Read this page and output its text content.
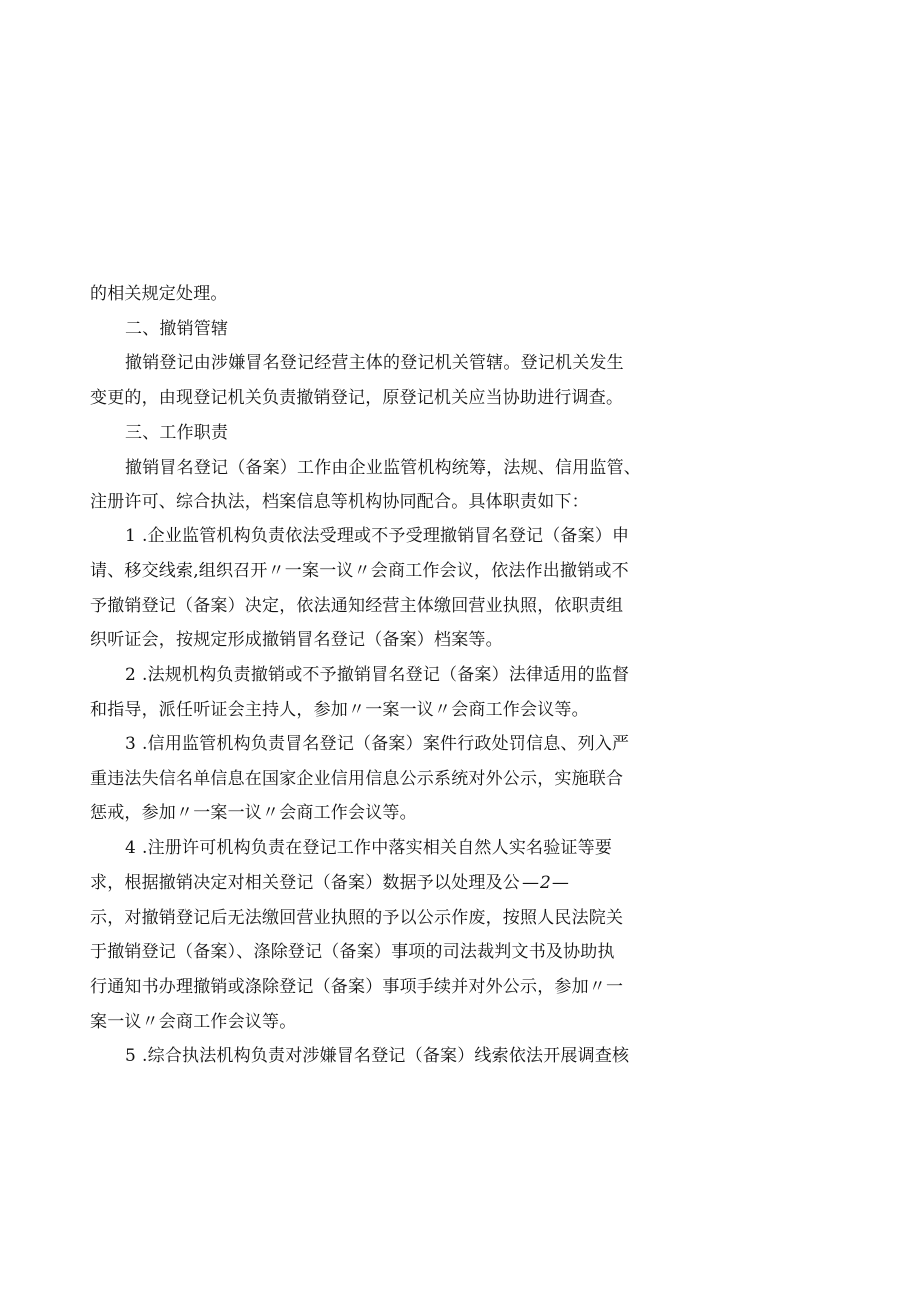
的相关规定处理。
二、撤销管辖
撤销登记由涉嫌冒名登记经营主体的登记机关管辖。登记机关发生
变更的，由现登记机关负责撤销登记，原登记机关应当协助进行调查。
三、工作职责
撤销冒名登记（备案）工作由企业监管机构统筹，法规、信用监管、
注册许可、综合执法，档案信息等机构协同配合。具体职责如下：
1 .企业监管机构负责依法受理或不予受理撤销冒名登记（备案）申
请、移交线索,组织召开〃一案一议〃会商工作会议，依法作出撤销或不
予撤销登记（备案）决定，依法通知经营主体缴回营业执照，依职责组
织听证会，按规定形成撤销冒名登记（备案）档案等。
2 .法规机构负责撤销或不予撤销冒名登记（备案）法律适用的监督
和指导，派任听证会主持人，参加〃一案一议〃会商工作会议等。
3 .信用监管机构负责冒名登记（备案）案件行政处罚信息、列入严
重违法失信名单信息在国家企业信用信息公示系统对外公示，实施联合
惩戒，参加〃一案一议〃会商工作会议等。
4 .注册许可机构负责在登记工作中落实相关自然人实名验证等要
求，根据撤销决定对相关登记（备案）数据予以处理及公 —2—
示，对撤销登记后无法缴回营业执照的予以公示作废，按照人民法院关
于撤销登记（备案）、涤除登记（备案）事项的司法裁判文书及协助执
行通知书办理撤销或涤除登记（备案）事项手续并对外公示，参加〃一
案一议〃会商工作会议等。
5 .综合执法机构负责对涉嫌冒名登记（备案）线索依法开展调查核
